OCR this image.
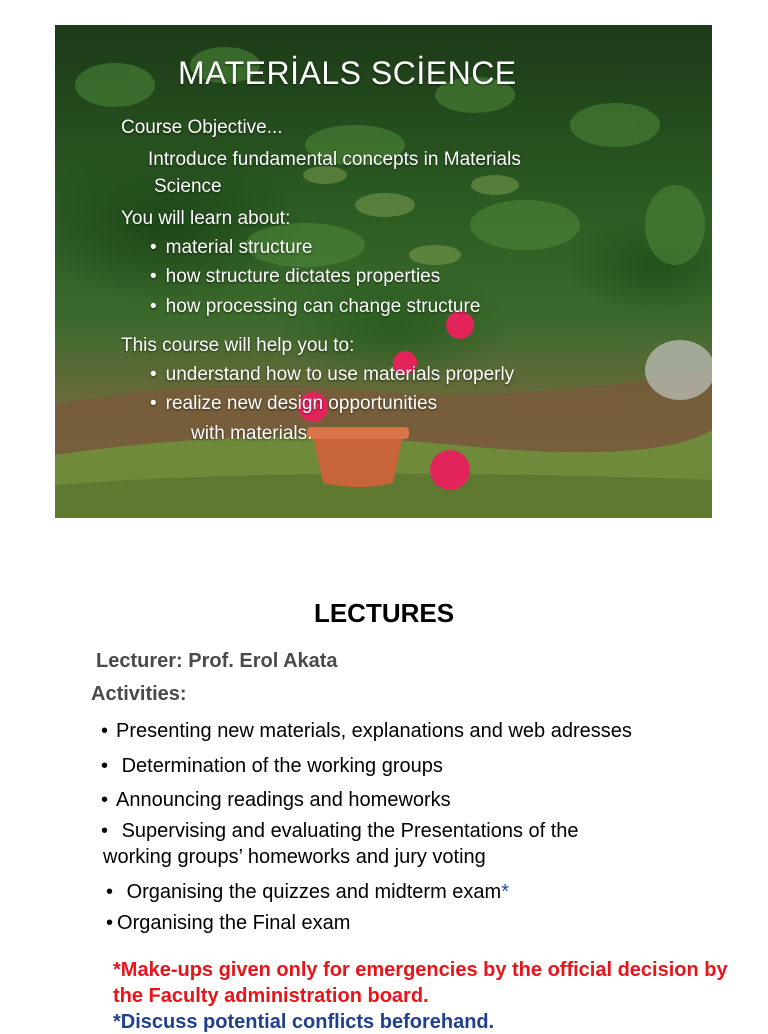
MATERİALS SCİENCE

Course Objective...

Introduce fundamental concepts in Materials

Science

You will learn about:

• material structure

• how structure dictates properties

• how processing can change structure

This course will help you to:

• understand how to use materials properly

• realize new design opportunities

with materials.

LECTURES

Lecturer: Prof. Erol Akata

Activities:

• Presenting new materials, explanations and web adresses

• Determination of the working groups

• Announcing readings and homeworks

• Supervising and evaluating the Presentations of the
working groups’ homeworks and jury voting

• Organising the quizzes and midterm exam*

• Organising the Final exam

*Make-ups given only for emergencies by the official decision by the Faculty administration board.

*Discuss potential conflicts beforehand.
